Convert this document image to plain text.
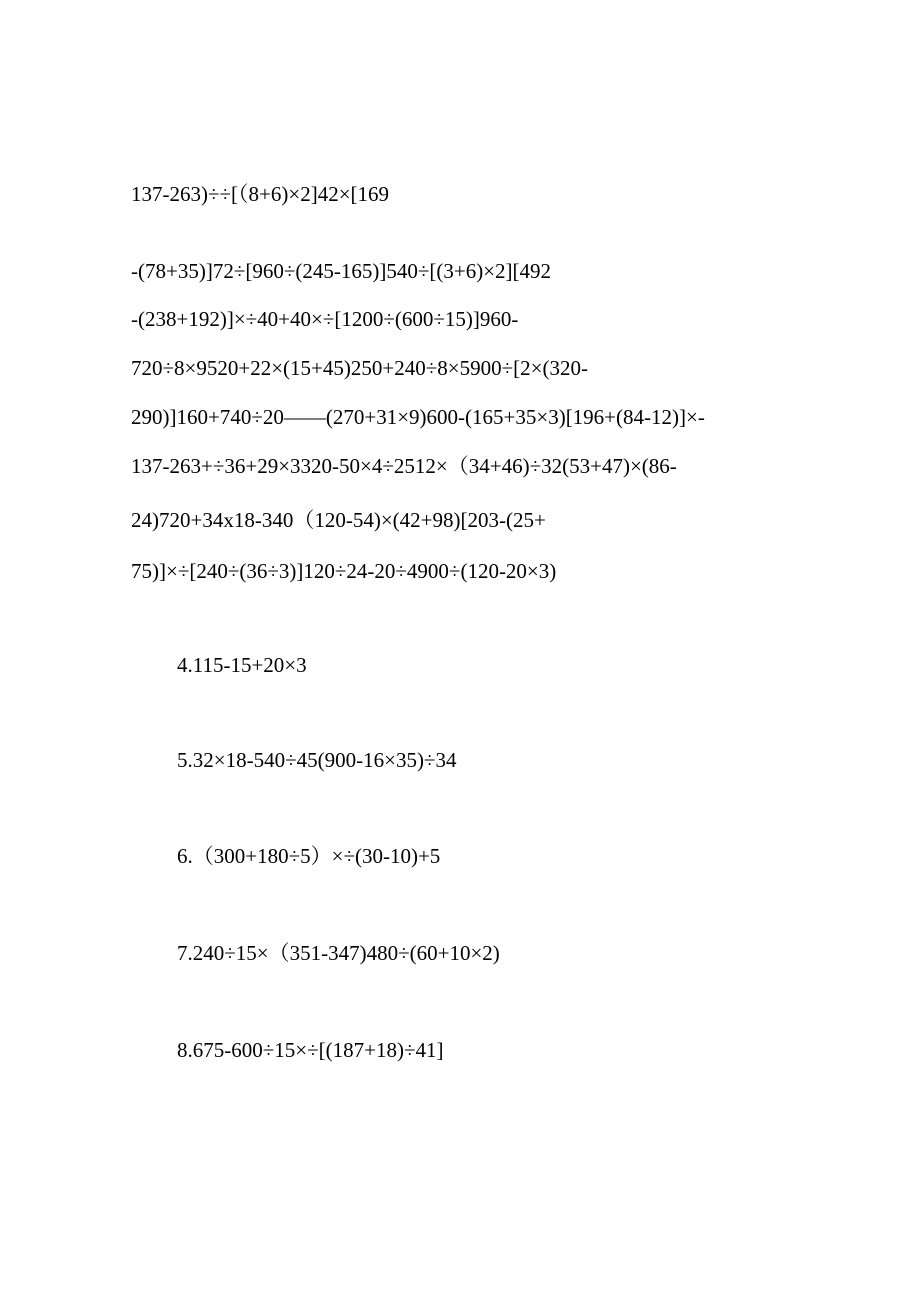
137-263)÷÷[（8+6)×2]42×[169
-(78+35)]72÷[960÷(245-165)]540÷[(3+6)×2][492
-(238+192)]×÷40+40×÷[1200÷(600÷15)]960-
720÷8×9520+22×(15+45)250+240÷8×5900÷[2×(320-
290)]160+740÷20——(270+31×9)600-(165+35×3)[196+(84-12)]×-
137-263+÷36+29×3320-50×4÷2512×（34+46)÷32(53+47)×(86-
24)720+34x18-340（120-54)×(42+98)[203-(25+
75)]×÷[240÷(36÷3)]120÷24-20÷4900÷(120-20×3)
4.115-15+20×3
5.32×18-540÷45(900-16×35)÷34
6.（300+180÷5）×÷(30-10)+5
7.240÷15×（351-347)480÷(60+10×2)
8.675-600÷15×÷[(187+18)÷41]
